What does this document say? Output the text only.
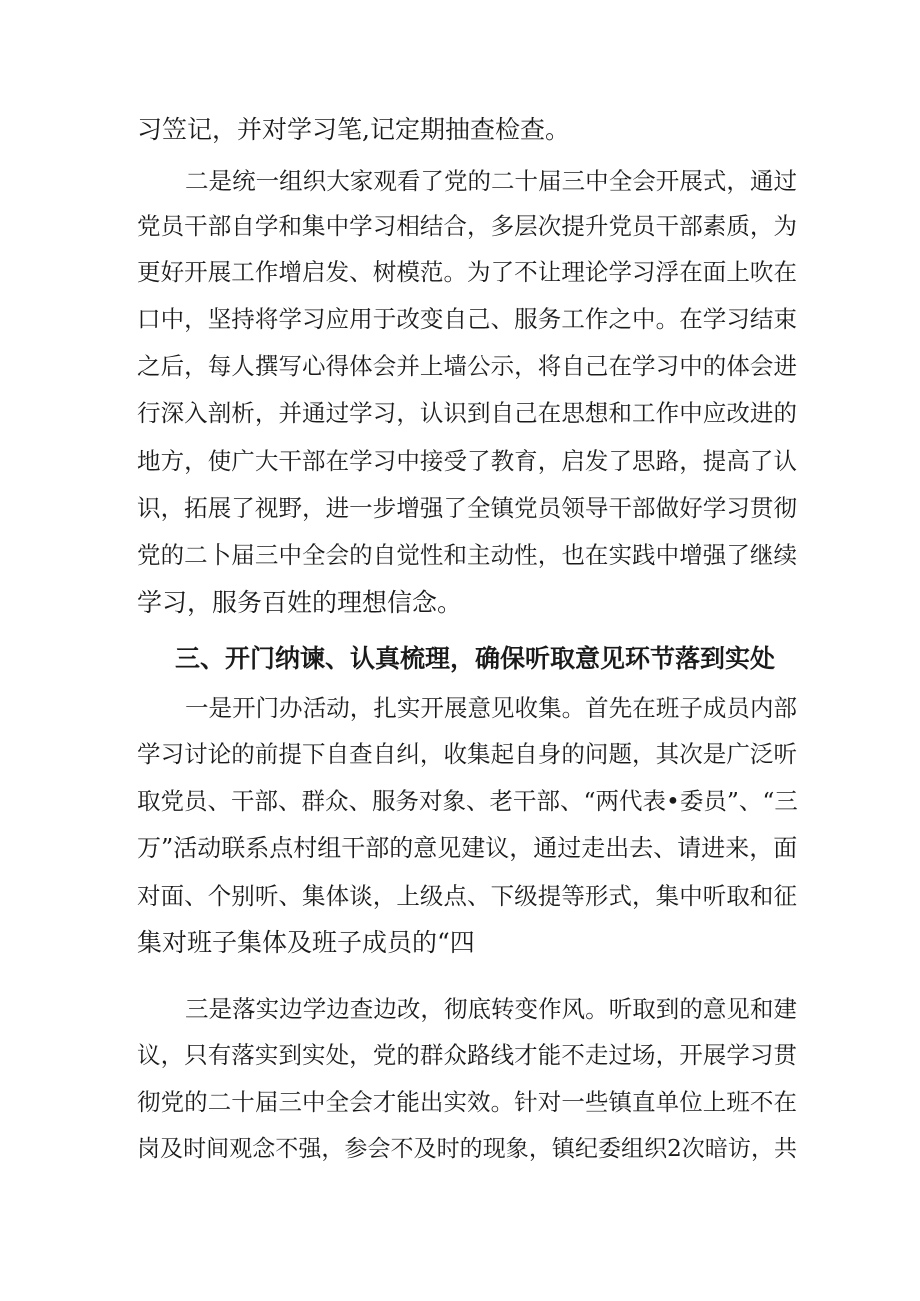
习笠记，并对学习笔,记定期抽查检查。
二是统一组织大家观看了党的二十届三中全会开展式，通过
党员干部自学和集中学习相结合，多层次提升党员干部素质，为
更好开展工作增启发、树模范。为了不让理论学习浮在面上吹在
口中，坚持将学习应用于改变自己、服务工作之中。在学习结束
之后，每人撰写心得体会并上墙公示，将自己在学习中的体会进
行深入剖析，并通过学习，认识到自己在思想和工作中应改进的
地方，使广大干部在学习中接受了教育，启发了思路，提高了认
识，拓展了视野，进一步增强了全镇党员领导干部做好学习贯彻
党的二卜届三中全会的自觉性和主动性，也在实践中增强了继续
学习，服务百姓的理想信念。
三、开门纳谏、认真梳理，确保听取意见环节落到实处
一是开门办活动，扎实开展意见收集。首先在班子成员内部
学习讨论的前提下自查自纠，收集起自身的问题，其次是广泛听
取党员、干部、群众、服务对象、老干部、“两代表•委员”、“三
万”活动联系点村组干部的意见建议，通过走出去、请进来，面
对面、个别听、集体谈，上级点、下级提等形式，集中听取和征
集对班子集体及班子成员的“四
三是落实边学边查边改，彻底转变作风。听取到的意见和建
议，只有落实到实处，党的群众路线才能不走过场，开展学习贯
彻党的二十届三中全会才能出实效。针对一些镇直单位上班不在
岗及时间观念不强，参会不及时的现象，镇纪委组织2次暗访，共
